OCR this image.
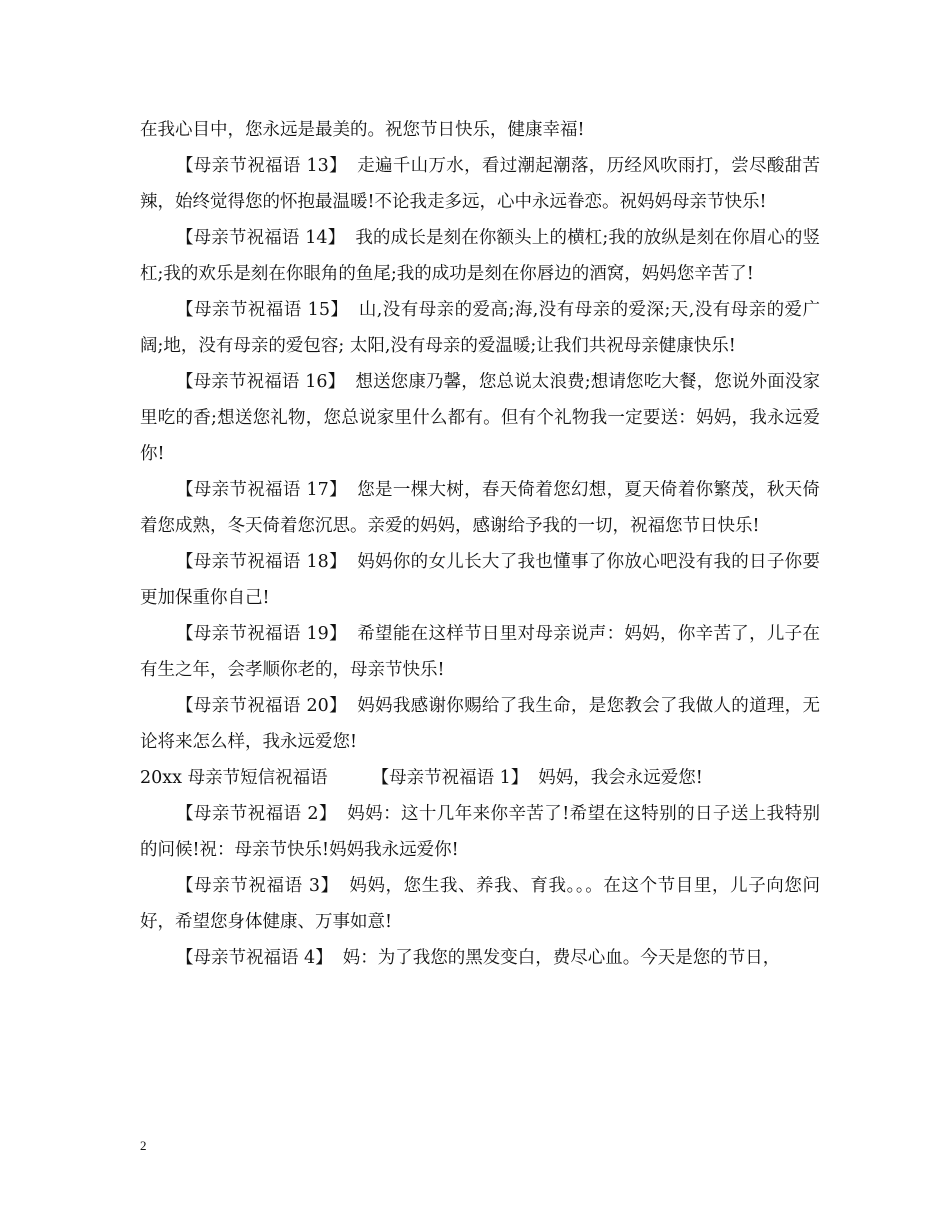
在我心目中，您永远是最美的。祝您节日快乐，健康幸福!

【母亲节祝福语 13】 走遍千山万水，看过潮起潮落，历经风吹雨打，尝尽酸甜苦辣，始终觉得您的怀抱最温暖!不论我走多远，心中永远眷恋。祝妈妈母亲节快乐!

【母亲节祝福语 14】 我的成长是刻在你额头上的横杠;我的放纵是刻在你眉心的竖杠;我的欢乐是刻在你眼角的鱼尾;我的成功是刻在你唇边的酒窝，妈妈您辛苦了!

【母亲节祝福语 15】 山,没有母亲的爱高;海,没有母亲的爱深;天,没有母亲的爱广阔;地，没有母亲的爱包容; 太阳,没有母亲的爱温暖;让我们共祝母亲健康快乐!

【母亲节祝福语 16】 想送您康乃馨，您总说太浪费;想请您吃大餐，您说外面没家里吃的香;想送您礼物，您总说家里什么都有。但有个礼物我一定要送：妈妈，我永远爱你!

【母亲节祝福语 17】 您是一棵大树，春天倚着您幻想，夏天倚着你繁茂，秋天倚着您成熟，冬天倚着您沉思。亲爱的妈妈，感谢给予我的一切，祝福您节日快乐!

【母亲节祝福语 18】 妈妈你的女儿长大了我也懂事了你放心吧没有我的日子你要更加保重你自己!

【母亲节祝福语 19】 希望能在这样节日里对母亲说声：妈妈，你辛苦了，儿子在有生之年，会孝顺你老的，母亲节快乐!

【母亲节祝福语 20】 妈妈我感谢你赐给了我生命，是您教会了我做人的道理，无论将来怎么样，我永远爱您!

20xx 母亲节短信祝福语	【母亲节祝福语 1】 妈妈，我会永远爱您!

【母亲节祝福语 2】 妈妈：这十几年来你辛苦了!希望在这特别的日子送上我特别的问候!祝：母亲节快乐!妈妈我永远爱你!

【母亲节祝福语 3】 妈妈，您生我、养我、育我。。。在这个节目里，儿子向您问好，希望您身体健康、万事如意!

【母亲节祝福语 4】 妈：为了我您的黑发变白，费尽心血。今天是您的节日，

2
